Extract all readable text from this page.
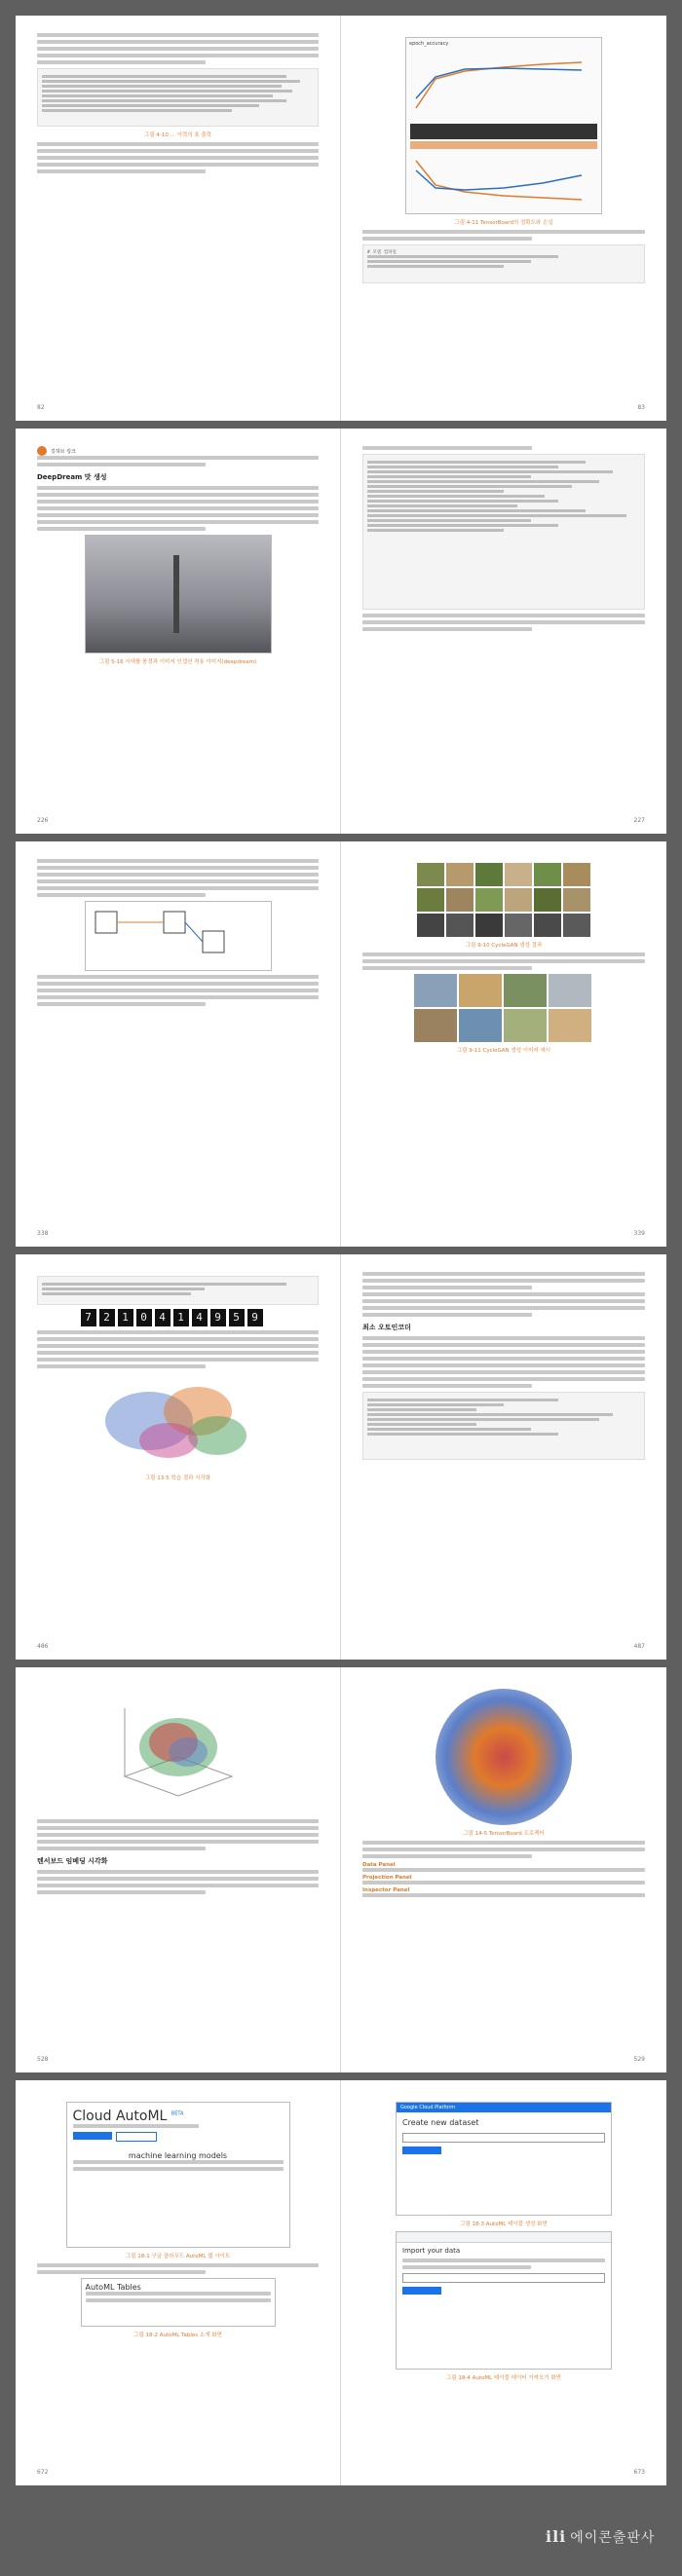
그림 4-10 ... 이력의 표 출력
82
epoch_accuracy
그림 4-11 TensorBoard의 정확도와 손실
# 모델 컴파일
83
깃허브 링크
DeepDream 맛 생성
그림 5-16 시애틀 풍경과 이미지 인셉션 적용 이미지(deepdream)
226	227
338
그림 9-10 CycleGAN 생성 결과
그림 9-11 CycleGAN 생성 이미지 예시
339
7	2	1	0	4	1	4	9	5	9
그림 13-5 학습 결과 시각화
486
최소 오토인코더
487
텐서보드 임베딩 시각화
528
그림 14-5 TensorBoard 프로젝터
Data Panel
Projection Panel
Inspector Panel
529
Cloud AutoML $^{BETA}$
machine learning models
그림 18-1 구글 클라우드 AutoML 웹 사이트
AutoML Tables
그림 18-2 AutoML Tables 소개 화면
672
Google Cloud Platform
Create new dataset
그림 18-3 AutoML 테이블 생성 화면
Import your data
그림 18-4 AutoML 테이블 데이터 가져오기 화면
673
ili 에이콘출판사
